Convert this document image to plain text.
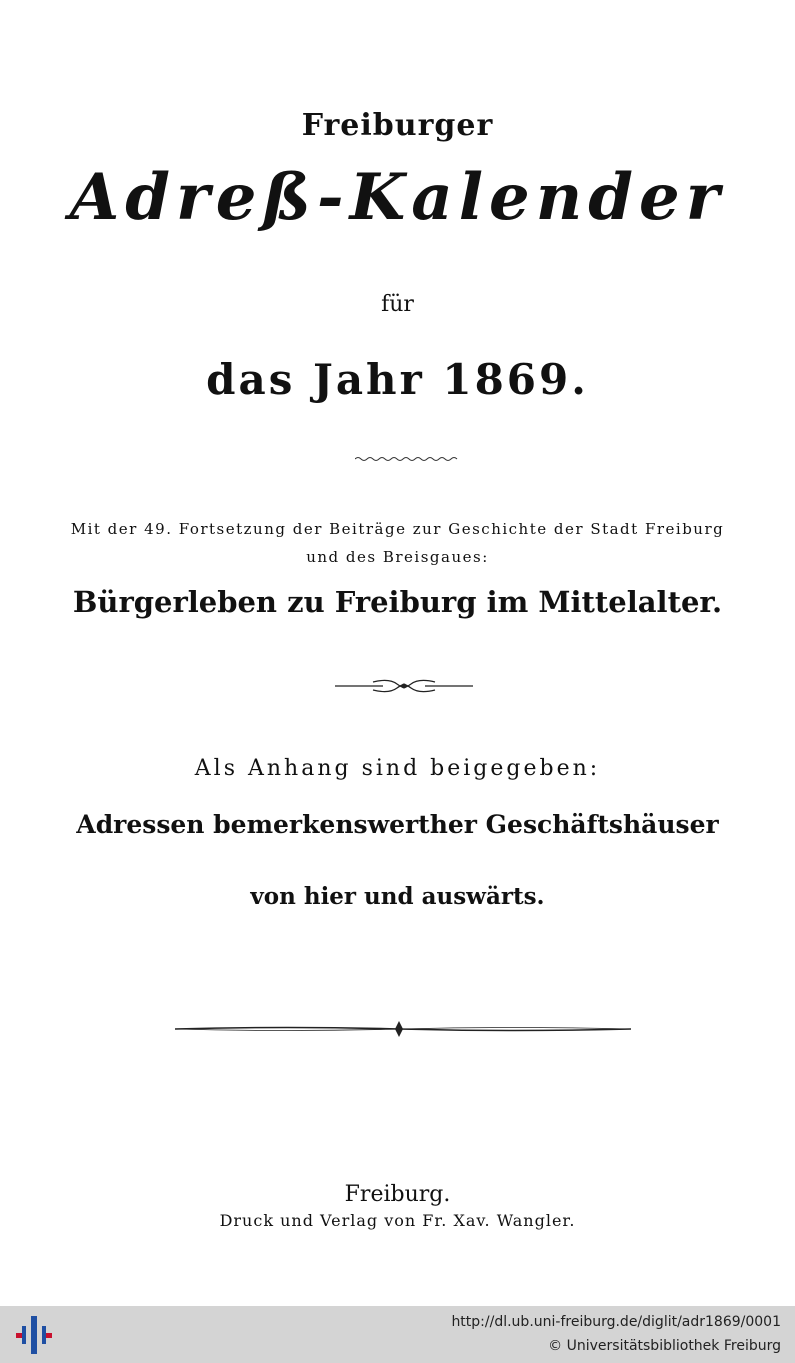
Freiburger
Adreß-Kalender
für
das Jahr 1869.
Mit der 49. Fortsetzung der Beiträge zur Geschichte der Stadt Freiburg
und des Breisgaues:
Bürgerleben zu Freiburg im Mittelalter.
Als Anhang sind beigegeben:
Adressen bemerkenswerther Geschäftshäuser
von hier und auswärts.
Freiburg.
Druck und Verlag von Fr. Xav. Wangler.
http://dl.ub.uni-freiburg.de/diglit/adr1869/0001
© Universitätsbibliothek Freiburg
